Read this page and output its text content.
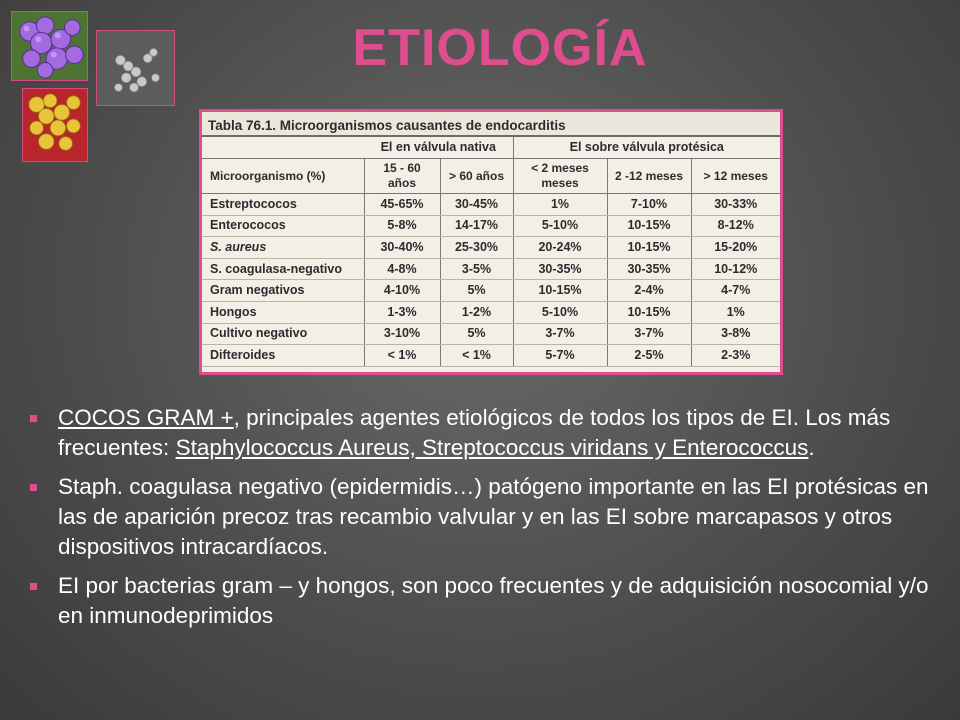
ETIOLOGÍA
Tabla 76.1. Microorganismos causantes de endocarditis					
	El en válvula nativa		El sobre válvula protésica		
Microorganismo (%)	15 - 60 años	> 60 años	< 2 meses meses	2 -12 meses	> 12 meses
Estreptococos	45-65%	30-45%	1%	7-10%	30-33%
Enterococos	5-8%	14-17%	5-10%	10-15%	8-12%
S. aureus	30-40%	25-30%	20-24%	10-15%	15-20%
S. coagulasa-negativo	4-8%	3-5%	30-35%	30-35%	10-12%
Gram negativos	4-10%	5%	10-15%	2-4%	4-7%
Hongos	1-3%	1-2%	5-10%	10-15%	1%
Cultivo negativo	3-10%	5%	3-7%	3-7%	3-8%
Difteroides	< 1%	< 1%	5-7%	2-5%	2-3%
COCOS GRAM +, principales agentes etiológicos de todos los tipos de EI. Los más frecuentes: Staphylococcus Aureus, Streptococcus viridans y Enterococcus.
Staph. coagulasa negativo (epidermidis…) patógeno importante en las EI protésicas en las de aparición precoz tras recambio valvular y en las EI sobre marcapasos y otros dispositivos intracardíacos.
EI por bacterias gram – y hongos, son poco frecuentes y de adquisición nosocomial y/o en inmunodeprimidos
